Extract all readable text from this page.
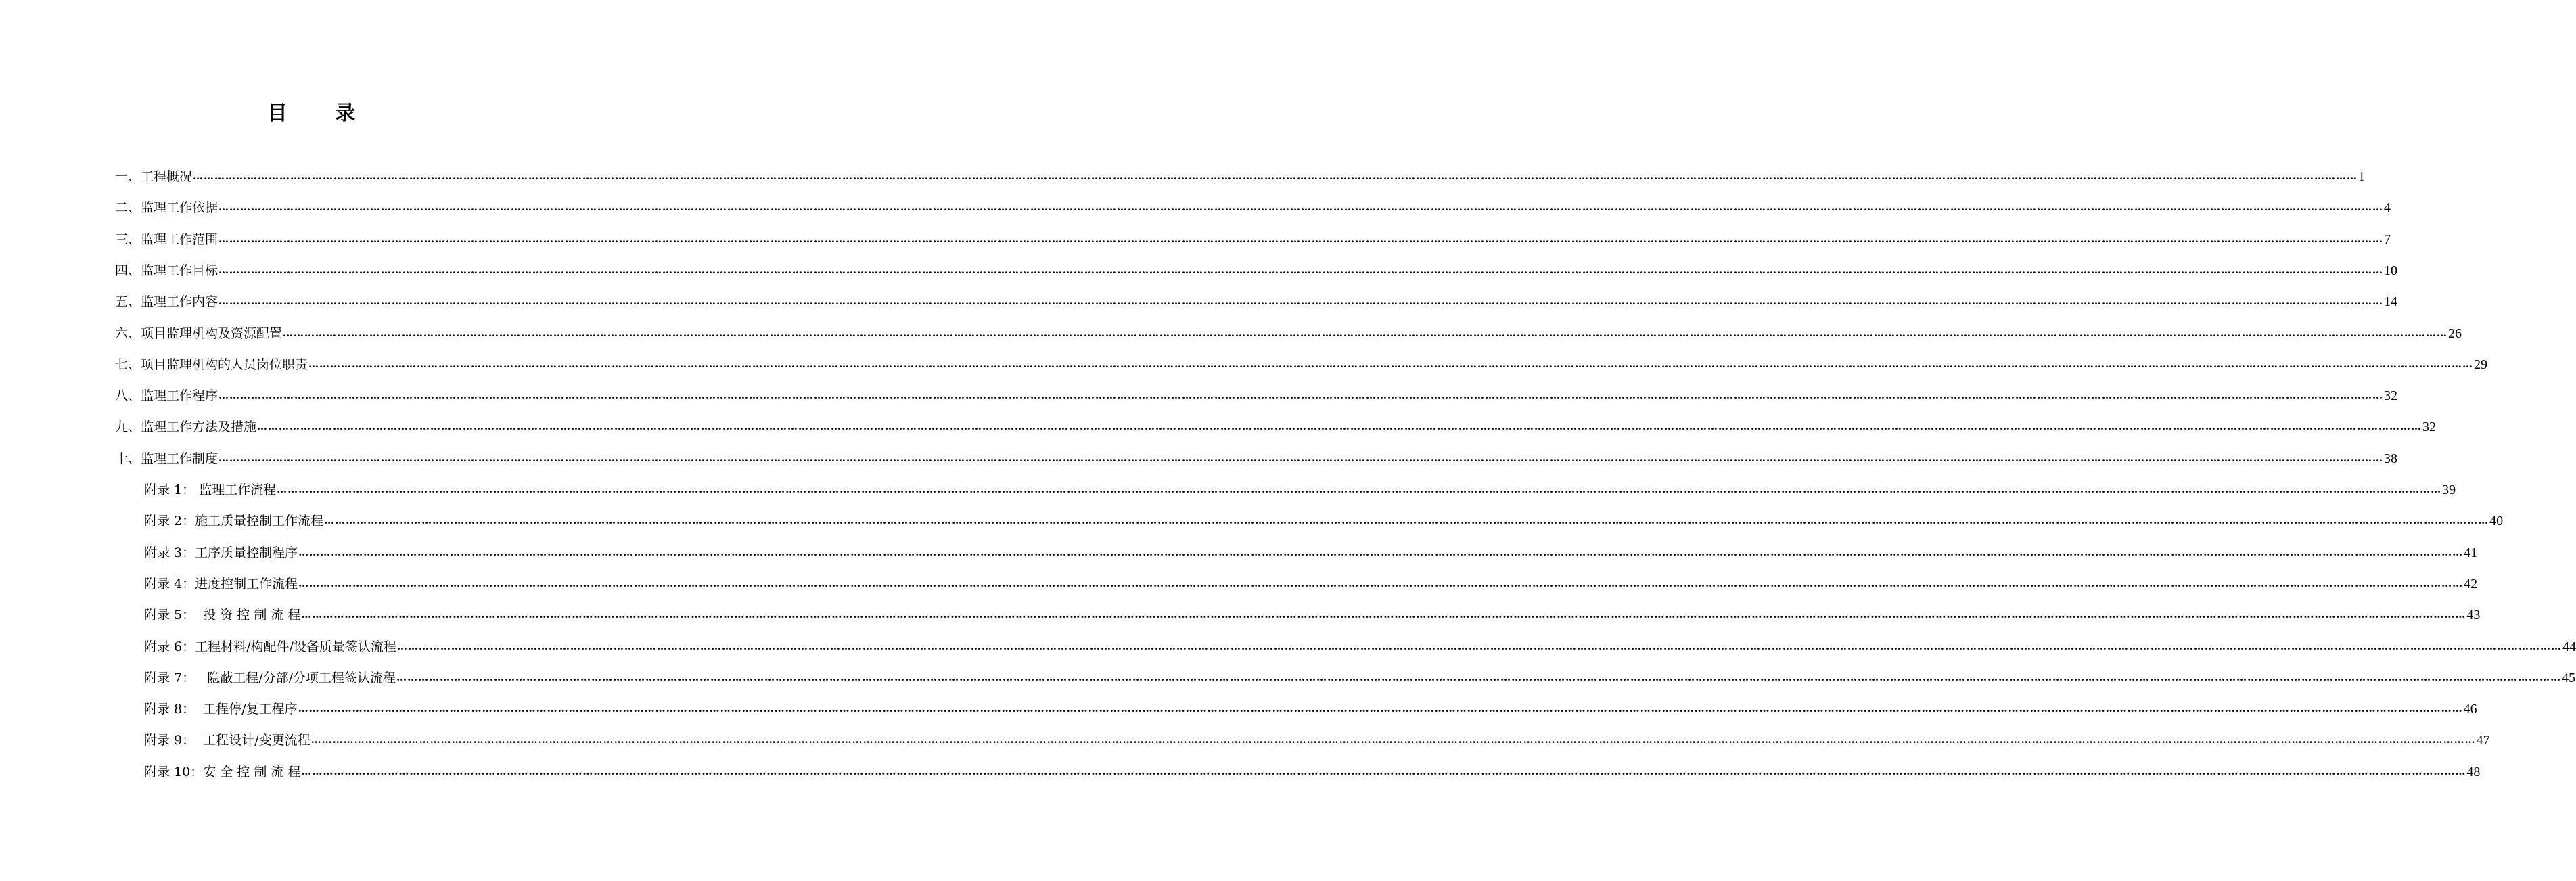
目 录
一、工程概况 …………………………………………………………………………………………………………………………………………………………………………………………………………………………………………………………………………………………………………………………………………………………………………………………………………………………………………………………………………………………………………………………………………………… 1
二、监理工作依据 …………………………………………………………………………………………………………………………………………………………………………………………………………………………………………………………………………………………………………………………………………………………………………………………………………………………………………………………………………………………………………………………………………………… 4
三、监理工作范围 …………………………………………………………………………………………………………………………………………………………………………………………………………………………………………………………………………………………………………………………………………………………………………………………………………………………………………………………………………………………………………………………………………………… 7
四、监理工作目标 …………………………………………………………………………………………………………………………………………………………………………………………………………………………………………………………………………………………………………………………………………………………………………………………………………………………………………………………………………………………………………………………………………………… 10
五、监理工作内容 …………………………………………………………………………………………………………………………………………………………………………………………………………………………………………………………………………………………………………………………………………………………………………………………………………………………………………………………………………………………………………………………………………………… 14
六、项目监理机构及资源配置 …………………………………………………………………………………………………………………………………………………………………………………………………………………………………………………………………………………………………………………………………………………………………………………………………………………………………………………………………………………………………………………………………………………… 26
七、项目监理机构的人员岗位职责 …………………………………………………………………………………………………………………………………………………………………………………………………………………………………………………………………………………………………………………………………………………………………………………………………………………………………………………………………………………………………………………………………………………… 29
八、监理工作程序 …………………………………………………………………………………………………………………………………………………………………………………………………………………………………………………………………………………………………………………………………………………………………………………………………………………………………………………………………………………………………………………………………………………… 32
九、监理工作方法及措施 …………………………………………………………………………………………………………………………………………………………………………………………………………………………………………………………………………………………………………………………………………………………………………………………………………………………………………………………………………………………………………………………………………………… 32
十、监理工作制度 …………………………………………………………………………………………………………………………………………………………………………………………………………………………………………………………………………………………………………………………………………………………………………………………………………………………………………………………………………………………………………………………………………………… 38
附录 1： 监理工作流程 …………………………………………………………………………………………………………………………………………………………………………………………………………………………………………………………………………………………………………………………………………………………………………………………………………………………………………………………………………………………………………………………………………………… 39
附录 2：施工质量控制工作流程 …………………………………………………………………………………………………………………………………………………………………………………………………………………………………………………………………………………………………………………………………………………………………………………………………………………………………………………………………………………………………………………………………………………… 40
附录 3：工序质量控制程序 …………………………………………………………………………………………………………………………………………………………………………………………………………………………………………………………………………………………………………………………………………………………………………………………………………………………………………………………………………………………………………………………………………………… 41
附录 4：进度控制工作流程 …………………………………………………………………………………………………………………………………………………………………………………………………………………………………………………………………………………………………………………………………………………………………………………………………………………………………………………………………………………………………………………………………………………… 42
附录 5：  投 资 控 制 流 程 …………………………………………………………………………………………………………………………………………………………………………………………………………………………………………………………………………………………………………………………………………………………………………………………………………………………………………………………………………………………………………………………………………………… 43
附录 6：工程材料/构配件/设备质量签认流程 …………………………………………………………………………………………………………………………………………………………………………………………………………………………………………………………………………………………………………………………………………………………………………………………………………………………………………………………………………………………………………………………………………………… 44
附录 7：   隐蔽工程/分部/分项工程签认流程 …………………………………………………………………………………………………………………………………………………………………………………………………………………………………………………………………………………………………………………………………………………………………………………………………………………………………………………………………………………………………………………………………………………… 45
附录 8：  工程停/复工程序 …………………………………………………………………………………………………………………………………………………………………………………………………………………………………………………………………………………………………………………………………………………………………………………………………………………………………………………………………………………………………………………………………………………… 46
附录 9：  工程设计/变更流程 …………………………………………………………………………………………………………………………………………………………………………………………………………………………………………………………………………………………………………………………………………………………………………………………………………………………………………………………………………………………………………………………………………………… 47
附录 10：安 全 控 制 流 程 …………………………………………………………………………………………………………………………………………………………………………………………………………………………………………………………………………………………………………………………………………………………………………………………………………………………………………………………………………………………………………………………………………………… 48
